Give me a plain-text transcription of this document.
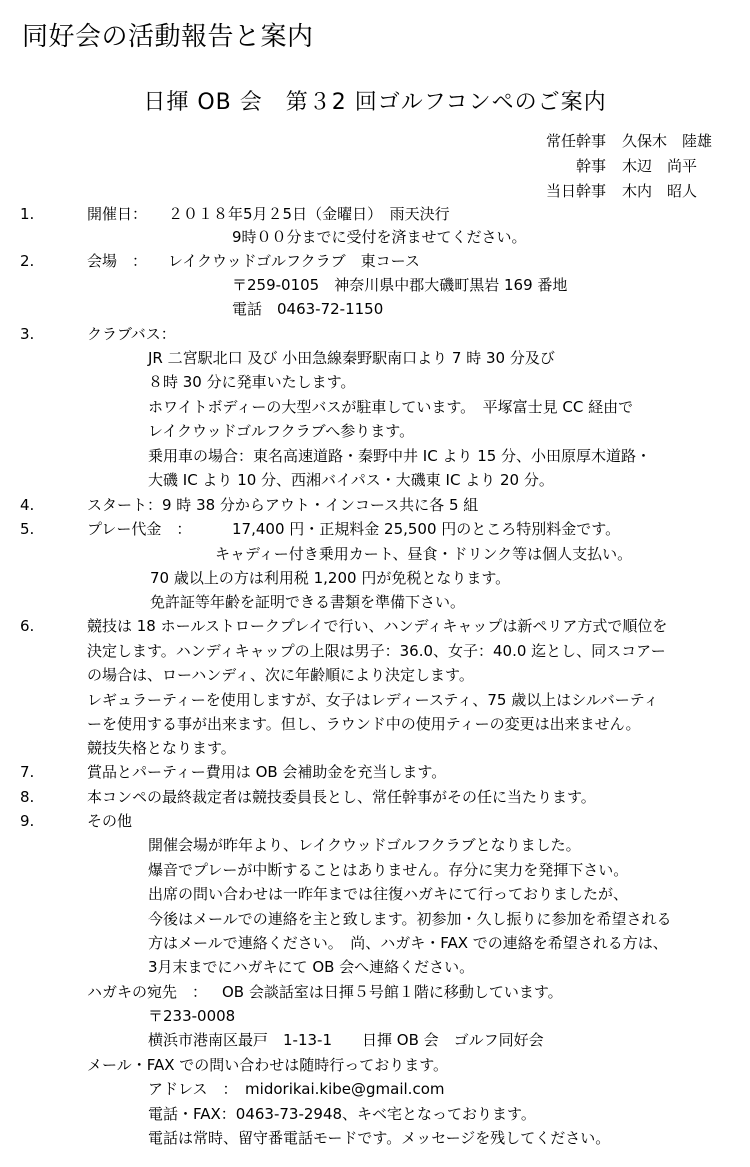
同好会の活動報告と案内
日揮 OB 会　第３2 回ゴルフコンペのご案内
常任幹事 久保木　陸雄
幹事 木辺　尚平
当日幹事 木内　昭人
1.	開催日： ２０１８年5月２5日（金曜日）　雨天決行
9時００分までに受付を済ませてください。
2.	会場　： レイクウッドゴルフクラブ　東コース
〒259-0105　神奈川県中郡大磯町黒岩 169 番地
電話　0463-72-1150
3.	クラブバス：
JR 二宮駅北口 及び 小田急線秦野駅南口より 7 時 30 分及び
８時 30 分に発車いたします。
ホワイトボディーの大型バスが駐車しています。　平塚富士見 CC 経由で
レイクウッドゴルフクラブへ参ります。
乗用車の場合：東名高速道路・秦野中井 IC より 15 分、小田原厚木道路・
大磯 IC より 10 分、西湘バイパス・大磯東 IC より 20 分。
4.	スタート：9 時 38 分からアウト・インコース共に各 5 組
5.	プレー代金　：	17,400 円・正規料金 25,500 円のところ特別料金です。
キャディー付き乗用カート、昼食・ドリンク等は個人支払い。
70 歳以上の方は利用税 1,200 円が免税となります。
免許証等年齢を証明できる書類を準備下さい。
6.	競技は 18 ホールストロークプレイで行い、ハンディキャップは新ペリア方式で順位を
決定します。ハンディキャップの上限は男子：36.0、女子：40.0 迄とし、同スコアー
の場合は、ローハンディ、次に年齢順により決定します。
レギュラーティーを使用しますが、女子はレディースティ、75 歳以上はシルバーティ
ーを使用する事が出来ます。但し、ラウンド中の使用ティーの変更は出来ません。
競技失格となります。
7.	賞品とパーティー費用は OB 会補助金を充当します。
8.	本コンペの最終裁定者は競技委員長とし、常任幹事がその任に当たります。
9.	その他
開催会場が昨年より、レイクウッドゴルフクラブとなりました。
爆音でプレーが中断することはありません。存分に実力を発揮下さい。
出席の問い合わせは一昨年までは往復ハガキにて行っておりましたが、
今後はメールでの連絡を主と致します。初参加・久し振りに参加を希望される
方はメールで連絡ください。　尚、ハガキ・FAX での連絡を希望される方は、
3月末までにハガキにて OB 会へ連絡ください。
ハガキの宛先　： OB 会談話室は日揮５号館１階に移動しています。
〒233-0008
横浜市港南区最戸　1-13-1　　日揮 OB 会　ゴルフ同好会
メール・FAX での問い合わせは随時行っております。
アドレス　：　midorikai.kibe@gmail.com
電話・FAX：0463-73-2948、キベ宅となっております。
電話は常時、留守番電話モードです。メッセージを残してください。
